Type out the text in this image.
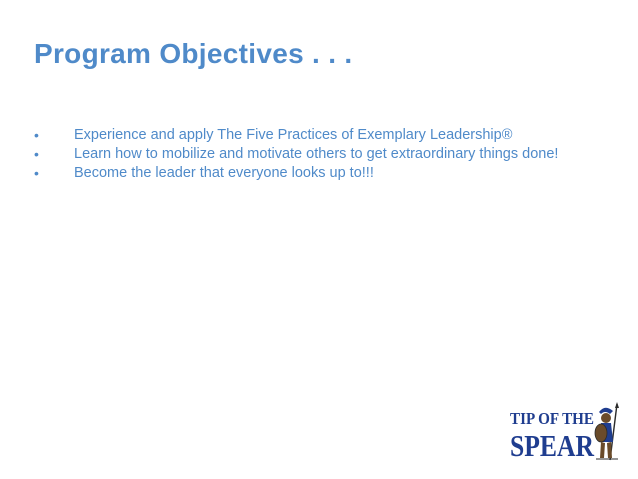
Program Objectives . . .
•	Experience and apply The Five Practices of Exemplary Leadership®
•	Learn how to mobilize and motivate others to get extraordinary things done!
•	Become the leader that everyone looks up to!!!
TIP OF THE
SPEAR
